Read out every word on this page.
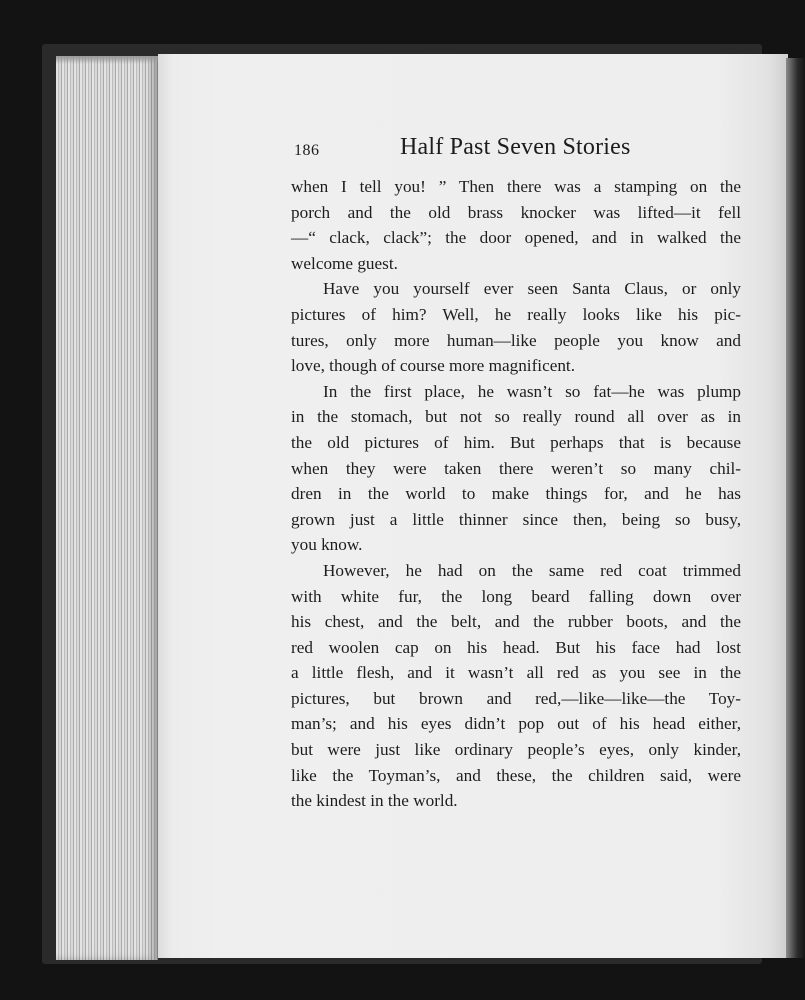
186	Half Past Seven Stories
when I tell you! ” Then there was a stamping on the
porch and the old brass knocker was lifted—it fell
—“ clack, clack”; the door opened, and in walked the
welcome guest.
Have you yourself ever seen Santa Claus, or only
pictures of him? Well, he really looks like his pic-
tures, only more human—like people you know and
love, though of course more magnificent.
In the first place, he wasn’t so fat—he was plump
in the stomach, but not so really round all over as in
the old pictures of him. But perhaps that is because
when they were taken there weren’t so many chil-
dren in the world to make things for, and he has
grown just a little thinner since then, being so busy,
you know.
However, he had on the same red coat trimmed
with white fur, the long beard falling down over
his chest, and the belt, and the rubber boots, and the
red woolen cap on his head. But his face had lost
a little flesh, and it wasn’t all red as you see in the
pictures, but brown and red,—like—like—the Toy-
man’s; and his eyes didn’t pop out of his head either,
but were just like ordinary people’s eyes, only kinder,
like the Toyman’s, and these, the children said, were
the kindest in the world.
